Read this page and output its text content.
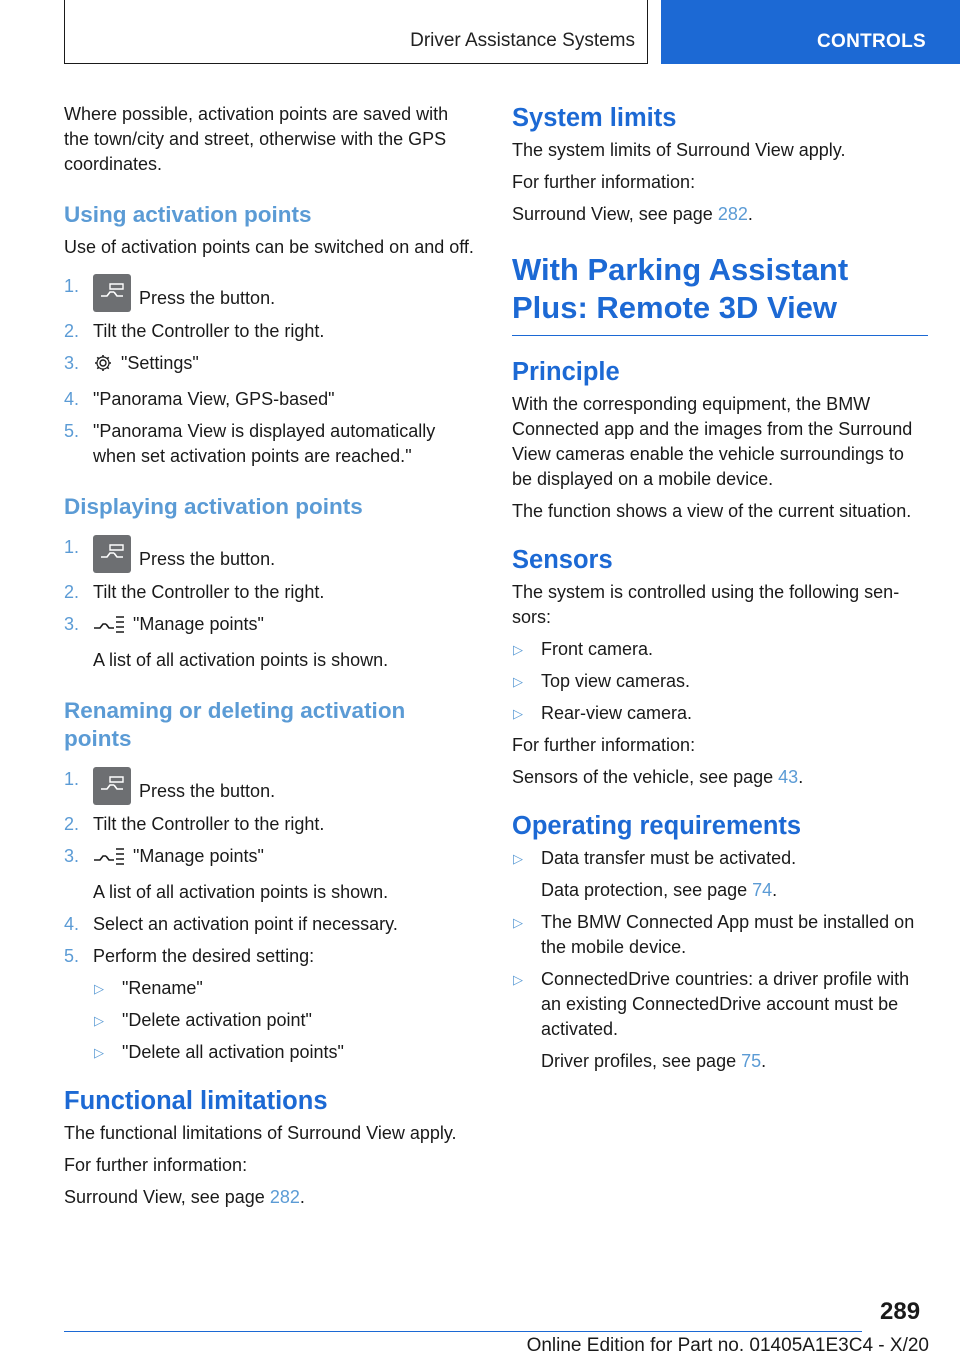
Driver Assistance Systems	CONTROLS

Where possible, activation points are saved with the town/city and street, otherwise with the GPS coordinates.

Using activation points

Use of activation points can be switched on and off.

1.
Press the button.
2. Tilt the Controller to the right.
3. "Settings"
4. "Panorama View, GPS-based"
5. "Panorama View is displayed automatically when set activation points are reached."
Displaying activation points
1.
Press the button.
2. Tilt the Controller to the right.
3.	"Manage points"
A list of all activation points is shown.
Renaming or deleting activation points
1.
Press the button.
2. Tilt the Controller to the right.
3.	"Manage points"
A list of all activation points is shown.
4. Select an activation point if necessary.
5. Perform the desired setting:
▷ "Rename"
▷ "Delete activation point"
▷ "Delete all activation points"
Functional limitations

The functional limitations of Surround View apply.

For further information:

Surround View, see page 282.

System limits

The system limits of Surround View apply.

For further information:

Surround View, see page 282.

With Parking Assistant Plus: Remote 3D View
Principle

With the corresponding equipment, the BMW Connected app and the images from the Surround View cameras enable the vehicle surroundings to be displayed on a mobile device.

The function shows a view of the current situation.

Sensors

The system is controlled using the following sensors:

▷ Front camera.
▷ Top view cameras.
▷ Rear-view camera.

For further information:

Sensors of the vehicle, see page 43.

Operating requirements
▷ Data transfer must be activated.
Data protection, see page 74.
▷ The BMW Connected App must be installed on the mobile device.
▷ ConnectedDrive countries: a driver profile with an existing ConnectedDrive account must be activated.
Driver profiles, see page 75.
289
Online Edition for Part no. 01405A1E3C4 - X/20
